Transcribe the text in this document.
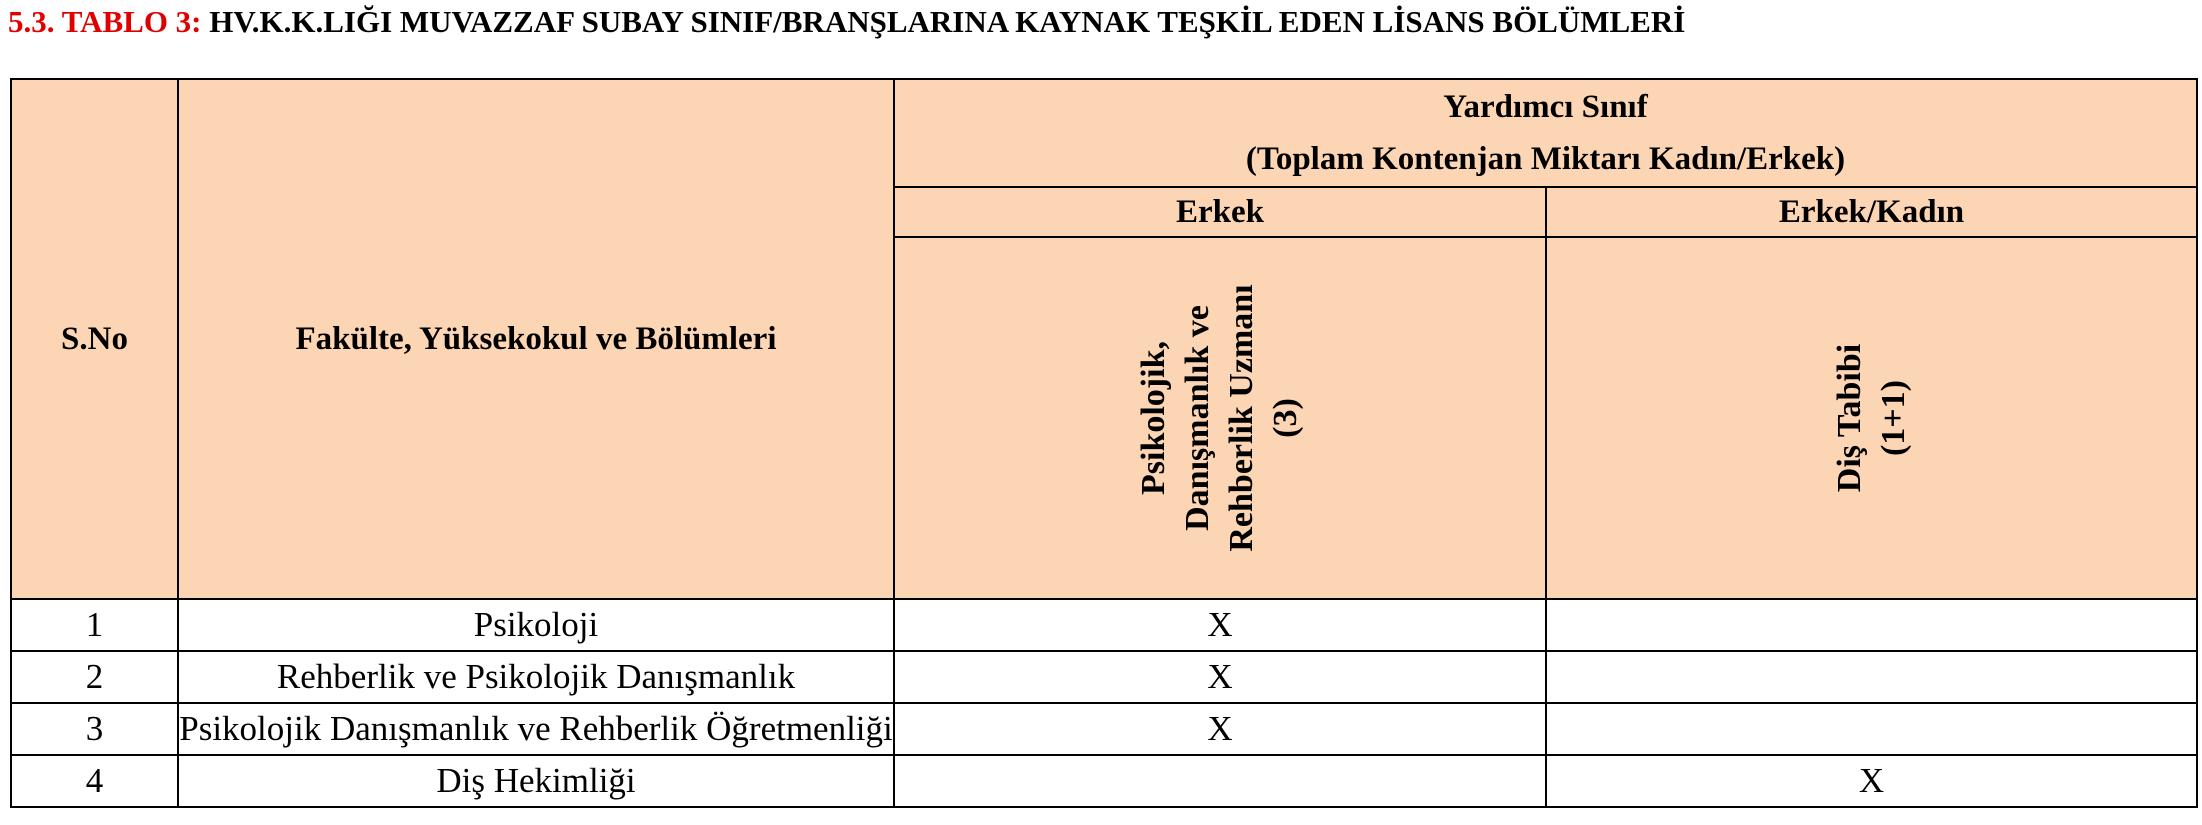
5.3. TABLO 3: HV.K.K.LIĞI MUVAZZAF SUBAY SINIF/BRANŞLARINA KAYNAK TEŞKİL EDEN LİSANS BÖLÜMLERİ
S.No	Fakülte, Yüksekokul ve Bölümleri	Yardımcı Sınıf
(Toplam Kontenjan Miktarı Kadın/Erkek)	

		Erkek	Erkek/Kadın

		Psikolojik,
Danışmanlık ve
Rehberlik Uzmanı
(3)	Diş Tabibi
(1+1)

1	Psikoloji	X	
2	Rehberlik ve Psikolojik Danışmanlık	X	
3	Psikolojik Danışmanlık ve Rehberlik Öğretmenliği	X	
4	Diş Hekimliği		X
